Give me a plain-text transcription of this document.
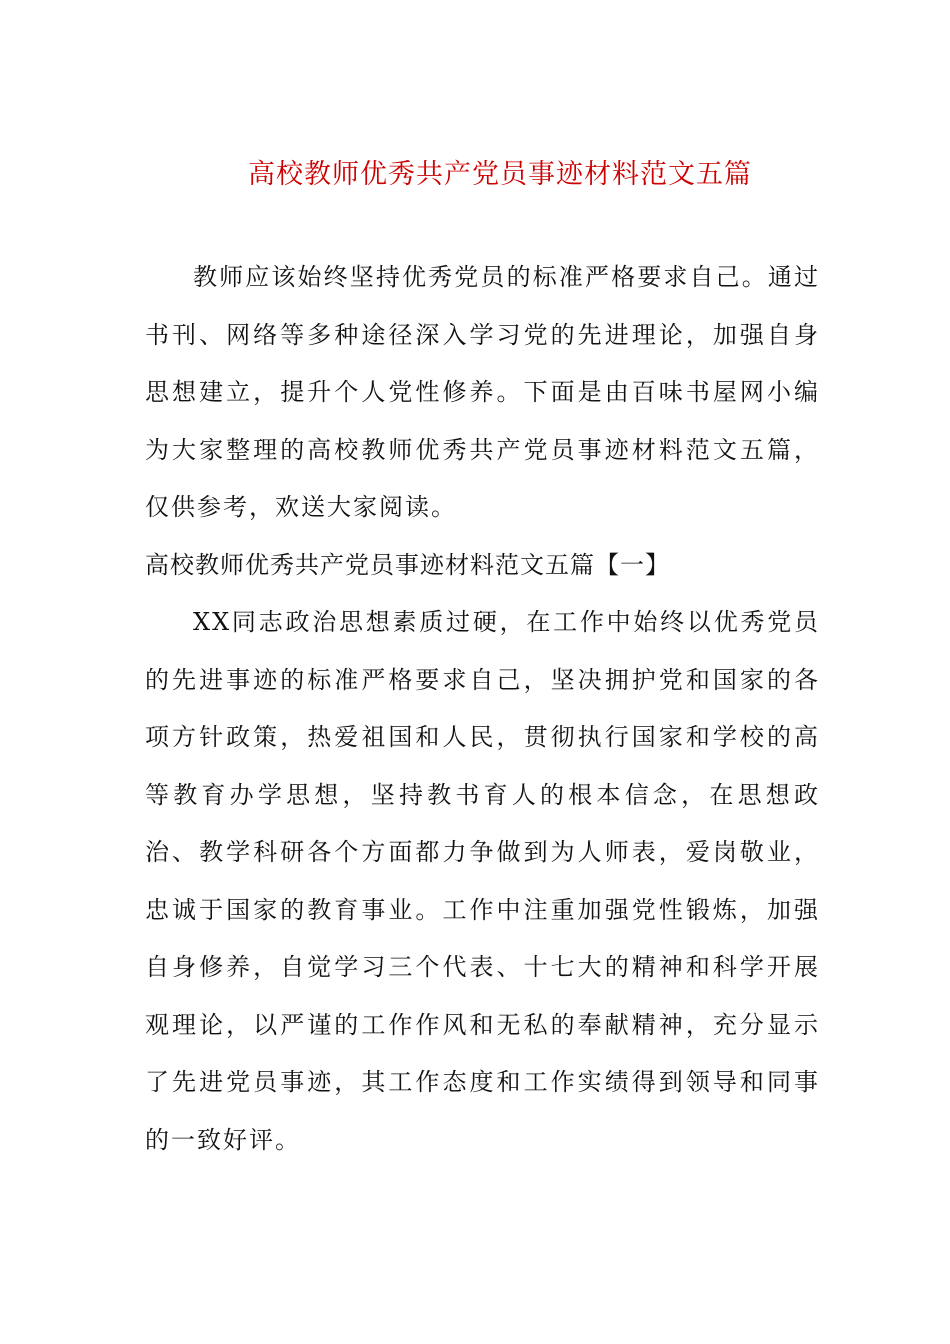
高校教师优秀共产党员事迹材料范文五篇

教师应该始终坚持优秀党员的标准严格要求自己。通过书刊、网络等多种途径深入学习党的先进理论，加强自身思想建立，提升个人党性修养。下面是由百味书屋网小编为大家整理的高校教师优秀共产党员事迹材料范文五篇，仅供参考，欢送大家阅读。

高校教师优秀共产党员事迹材料范文五篇【一】

XX同志政治思想素质过硬，在工作中始终以优秀党员的先进事迹的标准严格要求自己，坚决拥护党和国家的各项方针政策，热爱祖国和人民，贯彻执行国家和学校的高等教育办学思想，坚持教书育人的根本信念，在思想政治、教学科研各个方面都力争做到为人师表，爱岗敬业，忠诚于国家的教育事业。工作中注重加强党性锻炼，加强自身修养，自觉学习三个代表、十七大的精神和科学开展观理论，以严谨的工作作风和无私的奉献精神，充分显示了先进党员事迹，其工作态度和工作实绩得到领导和同事的一致好评。
